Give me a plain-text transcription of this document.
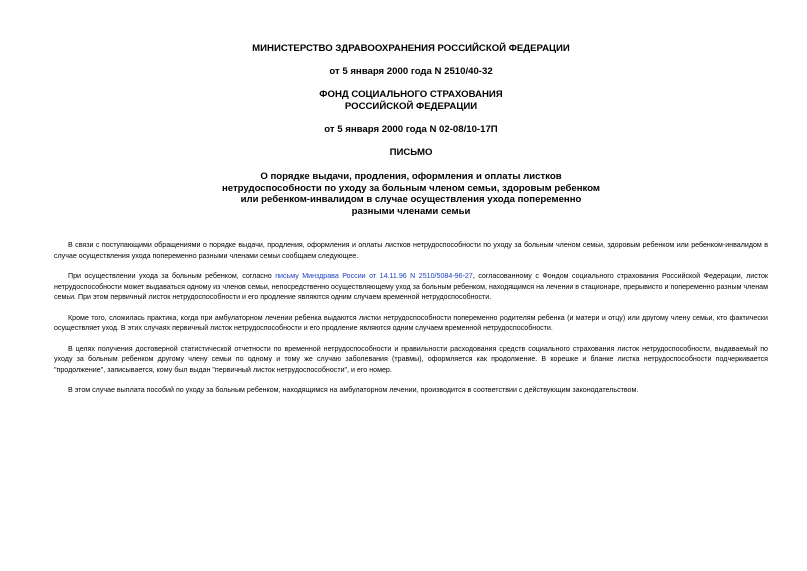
МИНИСТЕРСТВО ЗДРАВООХРАНЕНИЯ РОССИЙСКОЙ ФЕДЕРАЦИИ

от 5 января 2000 года N 2510/40-32

ФОНД СОЦИАЛЬНОГО СТРАХОВАНИЯ
РОССИЙСКОЙ ФЕДЕРАЦИИ

от 5 января 2000 года N 02-08/10-17П

ПИСЬМО

О порядке выдачи, продления, оформления и оплаты листков
нетрудоспособности по уходу за больным членом семьи, здоровым ребенком
или ребенком-инвалидом в случае осуществления ухода попеременно
разными членами семьи

В связи с поступающими обращениями о порядке выдачи, продления, оформления и оплаты листков нетрудоспособности по уходу за больным членом семьи, здоровым ребенком или ребенком-инвалидом в случае осуществления ухода попеременно разными членами семьи сообщаем следующее.

При осуществлении ухода за больным ребенком, согласно письму Минздрава России от 14.11.96 N 2510/5084-96-27, согласованному с Фондом социального страхования Российской Федерации, листок нетрудоспособности может выдаваться одному из членов семьи, непосредственно осуществляющему уход за больным ребенком, находящимся на лечении в стационаре, прерывисто и попеременно разным членам семьи. При этом первичный листок нетрудоспособности и его продление являются одним случаем временной нетрудоспособности.

Кроме того, сложилась практика, когда при амбулаторном лечении ребенка выдаются листки нетрудоспособности попеременно родителям ребенка (и матери и отцу) или другому члену семьи, кто фактически осуществляет уход. В этих случаях первичный листок нетрудоспособности и его продление являются одним случаем временной нетрудоспособности.

В целях получения достоверной статистической отчетности по временной нетрудоспособности и правильности расходования средств социального страхования листок нетрудоспособности, выдаваемый по уходу за больным ребенком другому члену семьи по одному и тому же случаю заболевания (травмы), оформляется как продолжение. В корешке и бланке листка нетрудоспособности подчеркивается "продолжение", записывается, кому был выдан "первичный листок нетрудоспособности", и его номер.

В этом случае выплата пособий по уходу за больным ребенком, находящимся на амбулаторном лечении, производится в соответствии с действующим законодательством.
